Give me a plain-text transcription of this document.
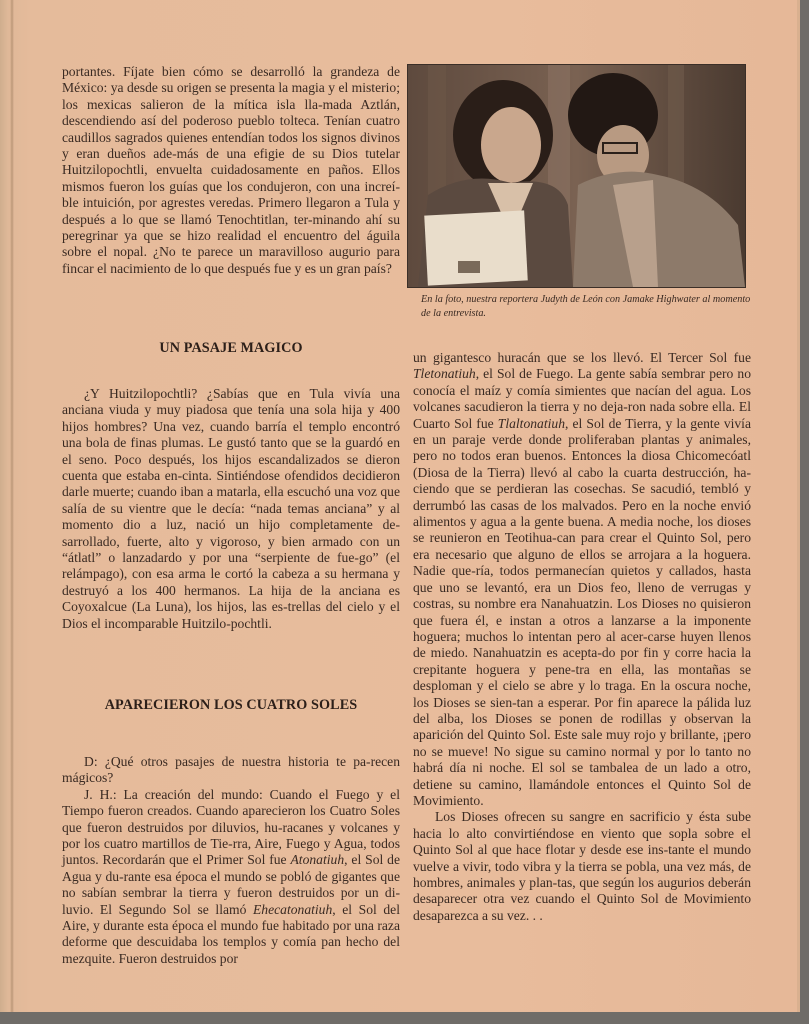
portantes. Fíjate bien cómo se desarrolló la grandeza de México: ya desde su origen se presenta la magia y el misterio; los mexicas salieron de la mítica isla lla-mada Aztlán, descendiendo así del poderoso pueblo tolteca. Tenían cuatro caudillos sagrados quienes entendían todos los signos divinos y eran dueños ade-más de una efigie de su Dios tutelar Huitzilopochtli, envuelta cuidadosamente en paños. Ellos mismos fueron los guías que los condujeron, con una increí-ble intuición, por agrestes veredas. Primero llegaron a Tula y después a lo que se llamó Tenochtitlan, ter-minando ahí su peregrinar ya que se hizo realidad el encuentro del águila sobre el nopal. ¿No te parece un maravilloso augurio para fincar el nacimiento de lo que después fue y es un gran país?

En la foto, nuestra reportera Judyth de León con Jamake Highwater al momento de la entrevista.
UN PASAJE MAGICO

¿Y Huitzilopochtli? ¿Sabías que en Tula vivía una anciana viuda y muy piadosa que tenía una sola hija y 400 hijos hombres? Una vez, cuando barría el templo encontró una bola de finas plumas. Le gustó tanto que se la guardó en el seno. Poco después, los hijos escandalizados se dieron cuenta que estaba en-cinta. Sintiéndose ofendidos decidieron darle muerte; cuando iban a matarla, ella escuchó una voz que salía de su vientre que le decía: “nada temas anciana” y al momento dio a luz, nació un hijo completamente de-sarrollado, fuerte, alto y vigoroso, y bien armado con un “átlatl” o lanzadardo y por una “serpiente de fue-go” (el relámpago), con esa arma le cortó la cabeza a su hermana y destruyó a los 400 hermanos. La hija de la anciana es Coyoxalcue (La Luna), los hijos, las es-trellas del cielo y el Dios el incomparable Huitzilo-pochtli.

APARECIERON LOS CUATRO SOLES

D: ¿Qué otros pasajes de nuestra historia te pa-recen mágicos?

J. H.: La creación del mundo: Cuando el Fuego y el Tiempo fueron creados. Cuando aparecieron los Cuatro Soles que fueron destruidos por diluvios, hu-racanes y volcanes y por los cuatro martillos de Tie-rra, Aire, Fuego y Agua, todos juntos. Recordarán que el Primer Sol fue Atonatiuh, el Sol de Agua y du-rante esa época el mundo se pobló de gigantes que no sabían sembrar la tierra y fueron destruidos por un di-luvio. El Segundo Sol se llamó Ehecatonatiuh, el Sol del Aire, y durante esta época el mundo fue habitado por una raza deforme que descuidaba los templos y comía pan hecho del mezquite. Fueron destruidos por

un gigantesco huracán que se los llevó. El Tercer Sol fue Tletonatiuh, el Sol de Fuego. La gente sabía sembrar pero no conocía el maíz y comía simientes que nacían del agua. Los volcanes sacudieron la tierra y no deja-ron nada sobre ella. El Cuarto Sol fue Tlaltonatiuh, el Sol de Tierra, y la gente vivía en un paraje verde donde proliferaban plantas y animales, pero no todos eran buenos. Entonces la diosa Chicomecóatl (Diosa de la Tierra) llevó al cabo la cuarta destrucción, ha-ciendo que se perdieran las cosechas. Se sacudió, tembló y derrumbó las casas de los malvados. Pero en la noche envió alimentos y agua a la gente buena. A media noche, los dioses se reunieron en Teotihua-can para crear el Quinto Sol, pero era necesario que alguno de ellos se arrojara a la hoguera. Nadie que-ría, todos permanecían quietos y callados, hasta que uno se levantó, era un Dios feo, lleno de verrugas y costras, su nombre era Nanahuatzin. Los Dioses no quisieron que fuera él, e instan a otros a lanzarse a la imponente hoguera; muchos lo intentan pero al acer-carse huyen llenos de miedo. Nanahuatzin es acepta-do por fin y corre hacia la crepitante hoguera y pene-tra en ella, las montañas se desploman y el cielo se abre y lo traga. En la oscura noche, los Dioses se sien-tan a esperar. Por fin aparece la pálida luz del alba, los Dioses se ponen de rodillas y observan la aparición del Quinto Sol. Este sale muy rojo y brillante, ¡pero no se mueve! No sigue su camino normal y por lo tanto no habrá día ni noche. El sol se tambalea de un lado a otro, detiene su camino, llamándole entonces el Quinto Sol de Movimiento.

Los Dioses ofrecen su sangre en sacrificio y ésta sube hacia lo alto convirtiéndose en viento que sopla sobre el Quinto Sol al que hace flotar y desde ese ins-tante el mundo vuelve a vivir, todo vibra y la tierra se pobla, una vez más, de hombres, animales y plan-tas, que según los augurios deberán desaparecer otra vez cuando el Quinto Sol de Movimiento desaparezca a su vez. . .
